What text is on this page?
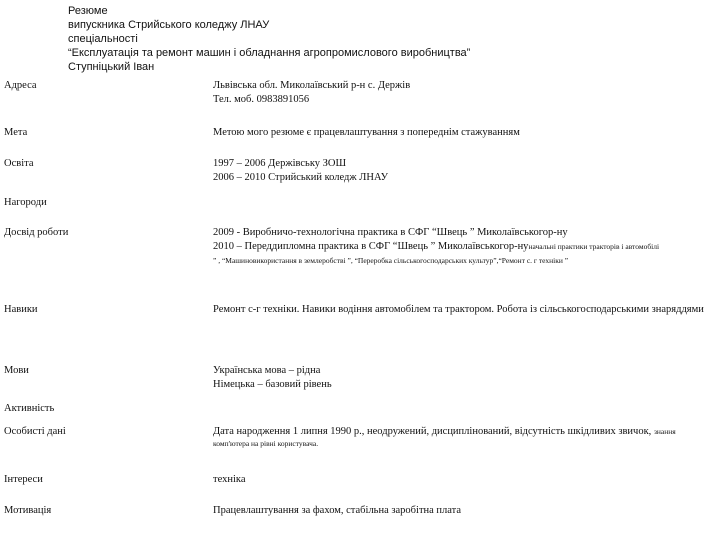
Резюме
випускника Стрийського коледжу ЛНАУ
спеціальності
“Експлуатація та ремонт машин і обладнання агропромислового виробництва”
Ступніцький Іван
Адреса	Львівська обл. Миколаївський р-н с. Держів
Тел. моб. 0983891056
Мета	Метою мого резюме є працевлаштування з попереднім стажуванням
Освіта	1997 – 2006 Держівську ЗОШ
2006 – 2010 Стрийський коледж ЛНАУ
Нагороди
Досвід роботи	2009 - Виробничо-технологічна практика в СФГ “Швець ” Миколаївськогор-ну
2010 – Переддипломна практика в СФГ “Швець ” Миколаївськогор-нуначальні практики тракторів і автомобілі
” , “Машиновикористання в землеробстві ”, “Переробка сільськогосподарських культур”,“Ремонт с. г техніки ”
Навики	Ремонт с-г техніки. Навики водіння автомобілем та трактором. Робота із сільськогосподарськими знаряддями
Мови	Українська мова – рідна
Німецька – базовий рівень
Активність
Особисті дані	Дата народження 1 липня 1990 р., неодружений, дисциплінований, відсутність шкідливих звичок, знання
комп'ютера на рівні користувача.
Інтереси	техніка
Мотивація	Працевлаштування за фахом, стабільна заробітна плата
